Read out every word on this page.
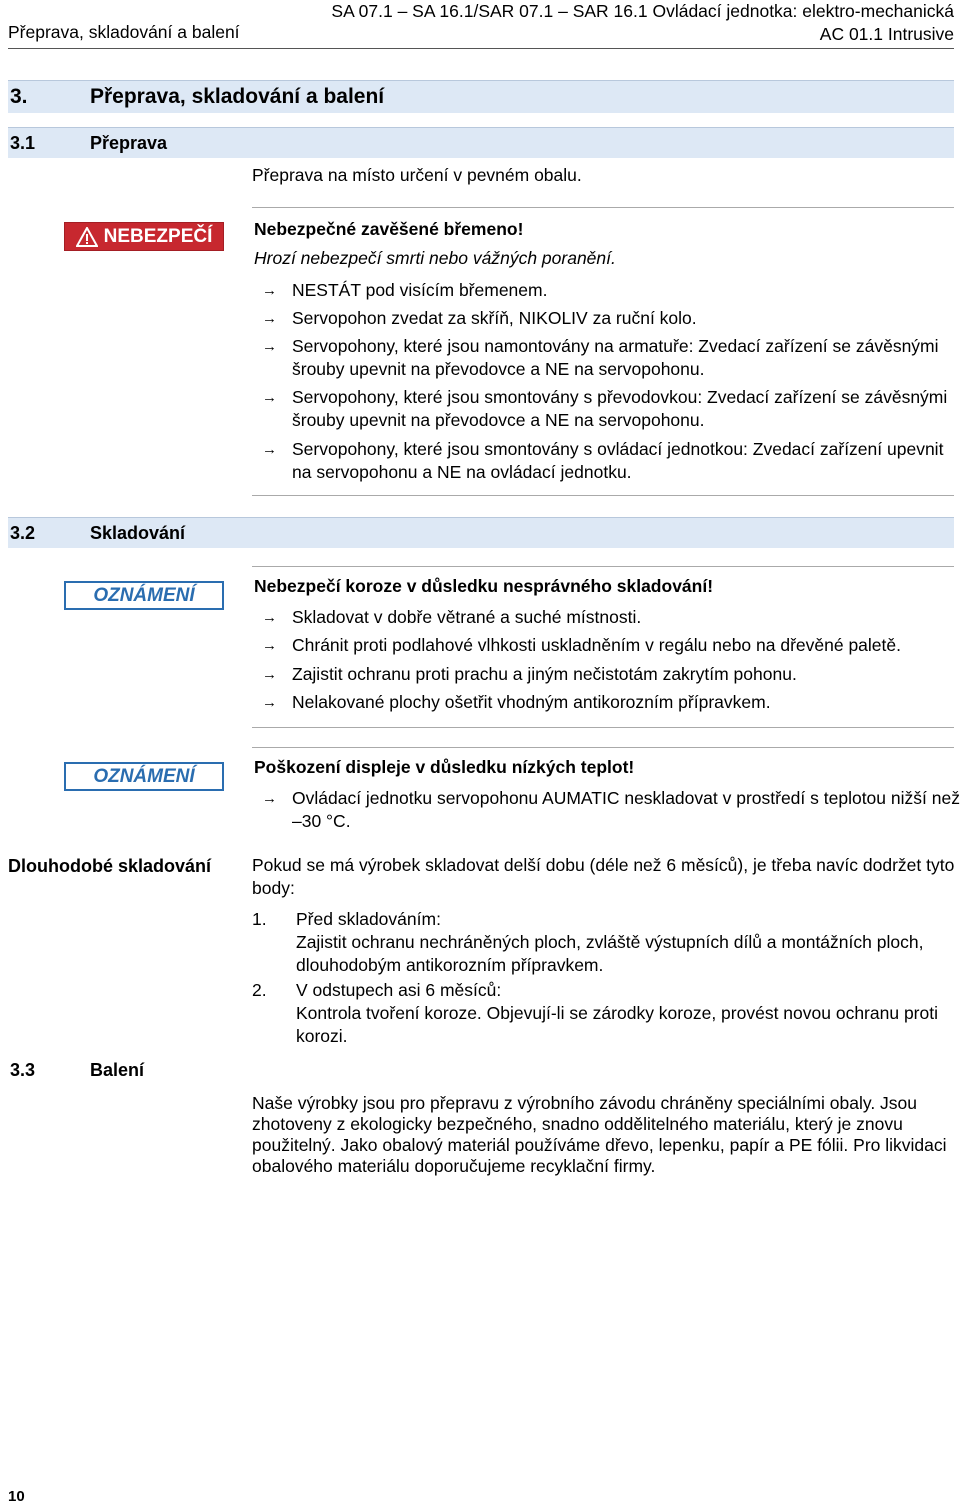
Přeprava, skladování a balení
SA 07.1 – SA 16.1/SAR 07.1 – SAR 16.1 Ovládací jednotka: elektro-mechanická
AC 01.1 Intrusive
3.	Přeprava, skladování a balení
3.1	Přeprava
Přeprava na místo určení v pevném obalu.
NEBEZPEČÍ Nebezpečné zavěšené břemeno!
Hrozí nebezpečí smrti nebo vážných poranění.
→ NESTÁT pod visícím břemenem.
→ Servopohon zvedat za skříň, NIKOLIV za ruční kolo.
→ Servopohony, které jsou namontovány na armatuře: Zvedací zařízení se závěsnými šrouby upevnit na převodovce a NE na servopohonu.
→ Servopohony, které jsou smontovány s převodovkou: Zvedací zařízení se závěsnými šrouby upevnit na převodovce a NE na servopohonu.
→ Servopohony, které jsou smontovány s ovládací jednotkou: Zvedací zařízení upevnit na servopohonu a NE na ovládací jednotku.
3.2	Skladování
OZNÁMENÍ	Nebezpečí koroze v důsledku nesprávného skladování!
→ Skladovat v dobře větrané a suché místnosti.
→ Chránit proti podlahové vlhkosti uskladněním v regálu nebo na dřevěné paletě.
→ Zajistit ochranu proti prachu a jiným nečistotám zakrytím pohonu.
→ Nelakované plochy ošetřit vhodným antikorozním přípravkem.
OZNÁMENÍ	Poškození displeje v důsledku nízkých teplot!
→ Ovládací jednotku servopohonu AUMATIC neskladovat v prostředí s teplotou nižší než –30 °C.
Dlouhodobé skladování Pokud se má výrobek skladovat delší dobu (déle než 6 měsíců), je třeba navíc dodržet tyto body:
1. Před skladováním:
Zajistit ochranu nechráněných ploch, zvláště výstupních dílů a montážních ploch, dlouhodobým antikorozním přípravkem.
2. V odstupech asi 6 měsíců:
Kontrola tvoření koroze. Objevují-li se zárodky koroze, provést novou ochranu proti korozi.
3.3	Balení
Naše výrobky jsou pro přepravu z výrobního závodu chráněny speciálními obaly. Jsou zhotoveny z ekologicky bezpečného, snadno oddělitelného materiálu, který je znovu použitelný. Jako obalový materiál používáme dřevo, lepenku, papír a PE fólii. Pro likvidaci obalového materiálu doporučujeme recyklační firmy.
10
